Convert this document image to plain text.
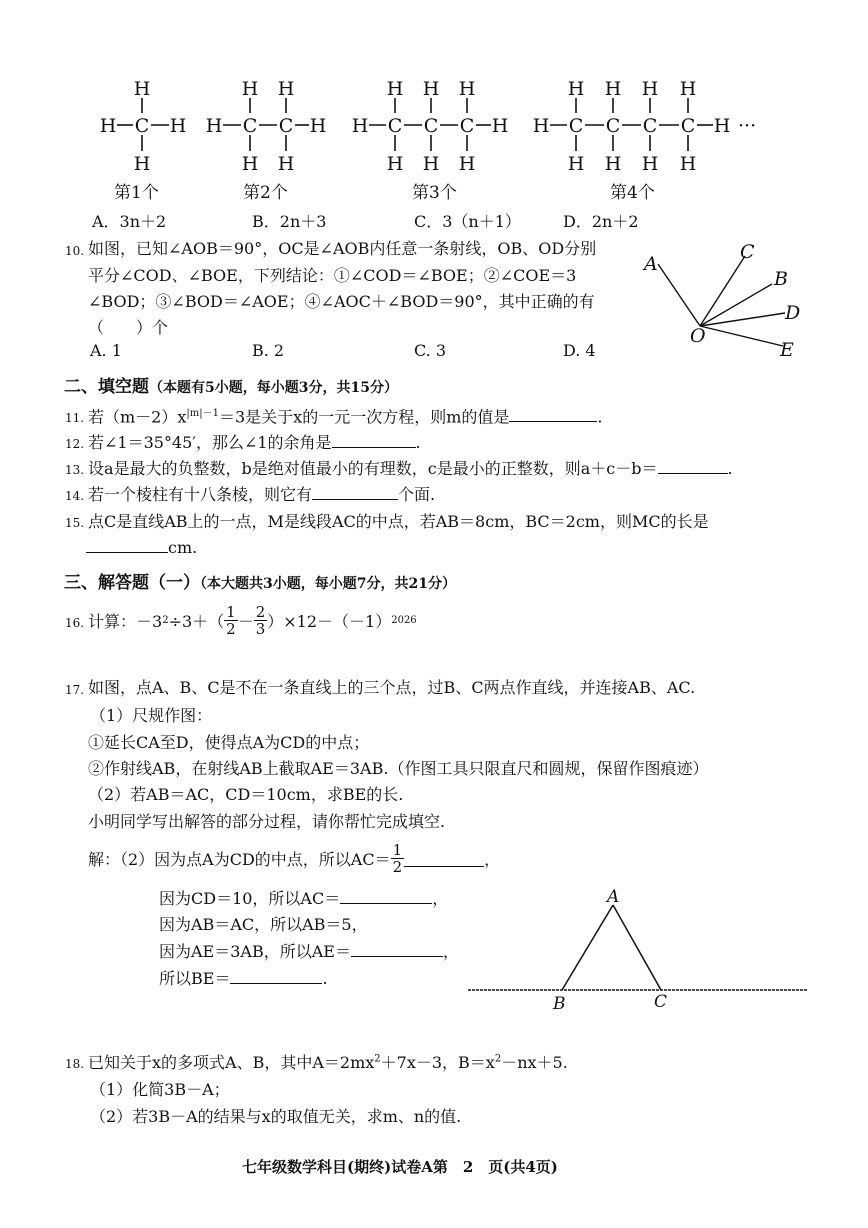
H C
H
H
H H C
H
H
C
H
H
H H C
H
H
C
H
H
C
H
H
H H C
H
H
C
H
H
C
H
H
C
H
H
H ···
第1个	第2个	第3个	第4个
A．3n＋2	B．2n＋3	C．3（n＋1）	D．2n＋2
10. 如图，已知∠AOB＝90°，OC是∠AOB内任意一条射线，OB、OD分别
平分∠COD、∠BOE，下列结论：①∠COD＝∠BOE；②∠COE＝3
∠BOD；③∠BOD＝∠AOE；④∠AOC＋∠BOD＝90°，其中正确的有
（　　）个
A. 1	B. 2	C. 3	D. 4
A
C
B
D
O
E
二、填空题（本题有5小题，每小题3分，共15分）
11. 若$(m-2)x^{|m|-1}=3$是关于x的一元一次方程，则m的值是	.
12. 若∠1＝35°45′，那么∠1的余角是	.
13. 设a是最大的负整数，b是绝对值最小的有理数，c是最小的正整数，则a＋c－b＝	.
14. 若一个棱柱有十八条棱，则它有	个面.
15. 点C是直线AB上的一点，M是线段AC的中点，若AB＝8cm，BC＝2cm，则MC的长是
cm.
三、解答题（一）（本大题共3小题，每小题7分，共21分）
16. 计算：－3 $2 \div 3+( \frac{1}{2} - \frac{2}{3} )\times 12-(-1)$ 2026
17. 如图，点A、B、C是不在一条直线上的三个点，过B、C两点作直线，并连接AB、AC.
（1）尺规作图：
①延长CA至D，使得点A为CD的中点；
②作射线AB，在射线AB上截取AE＝3AB.（作图工具只限直尺和圆规，保留作图痕迹）
（2）若AB＝AC，CD＝10cm，求BE的长.
小明同学写出解答的部分过程，请你帮忙完成填空.
解：（2）因为点A为CD的中点，所以$AC= \frac{1}{2}$	，
因为CD＝10，所以AC＝	，
因为AB＝AC，所以AB＝5，
因为AE＝3AB，所以AE＝	，
所以BE＝	.
A
B	C
18. 已知关于x的多项式A、B，其中$A=2mx^2+7x-3$，$B=x^2-nx+5$.
（1）化简3B－A；
（2）若3B－A的结果与x的取值无关，求m、n的值.
七年级数学科目(期终)试卷A第　2　页(共4页)
